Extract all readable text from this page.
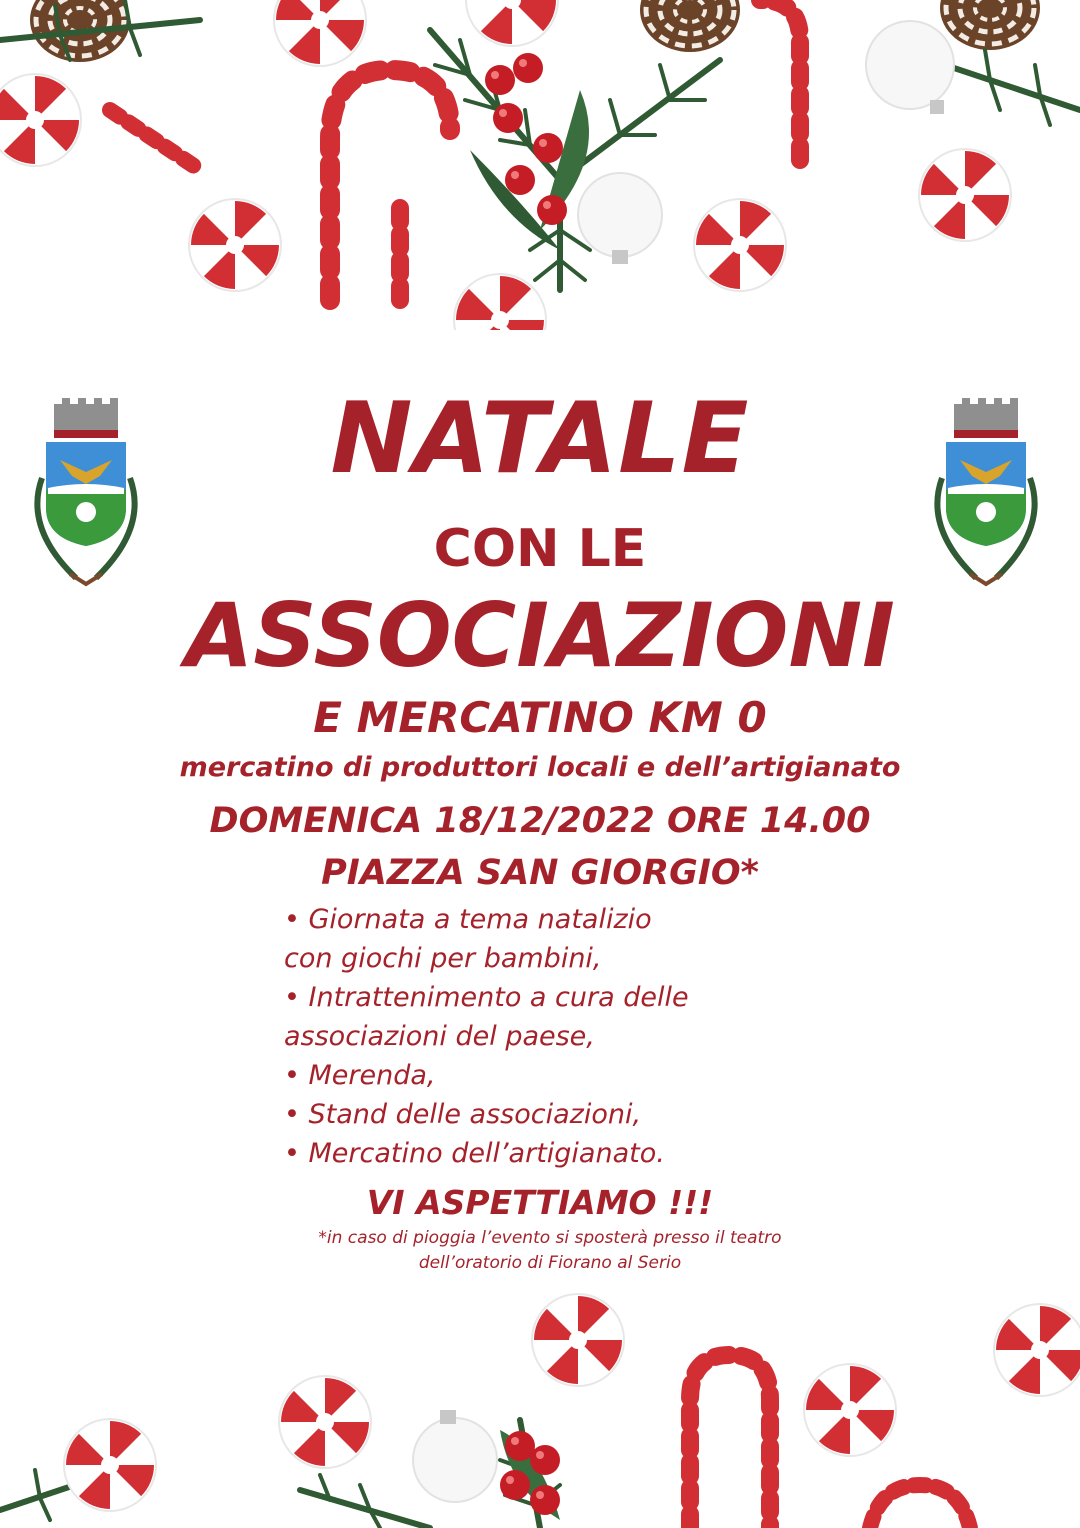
NATALE
CON LE
ASSOCIAZIONI
E MERCATINO KM 0
mercatino di produttori locali e dell’artigianato
DOMENICA 18/12/2022 ORE 14.00
PIAZZA SAN GIORGIO*
• Giornata a tema natalizio
con giochi per bambini,
• Intrattenimento a cura delle
associazioni del paese,
• Merenda,
• Stand delle associazioni,
• Mercatino dell’artigianato.
VI ASPETTIAMO !!!
*in caso di pioggia l’evento si sposterà presso il teatro
dell’oratorio di Fiorano al Serio
